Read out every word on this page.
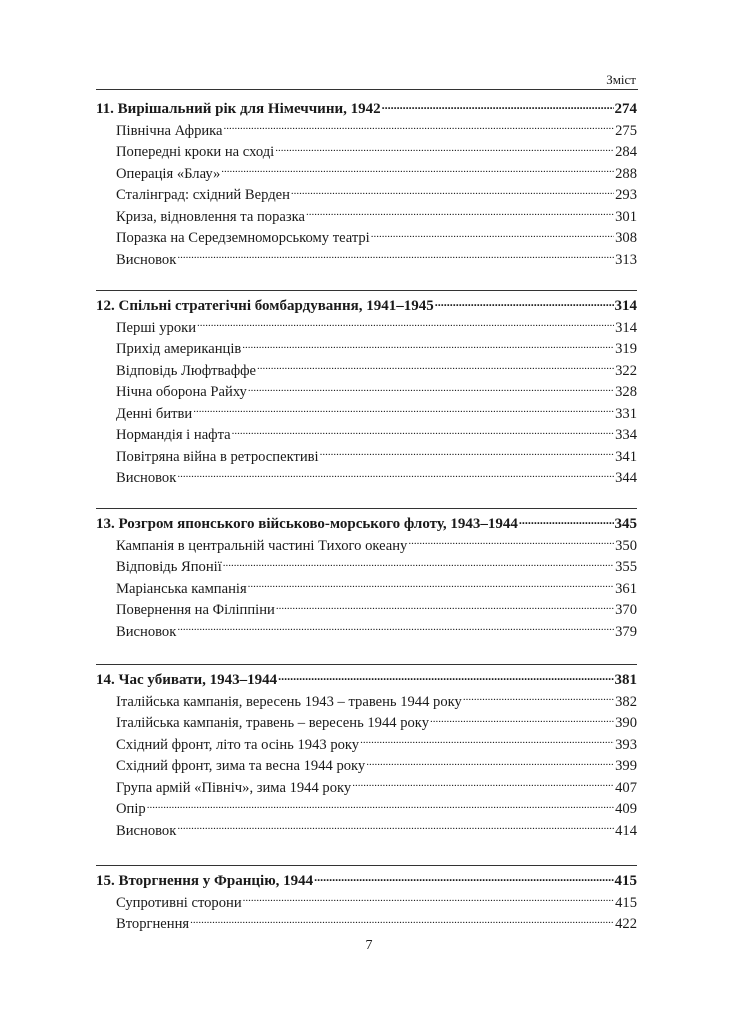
Зміст
11. Вирішальний рік для Німеччини, 1942 .....	274
Північна Африка .....	275
Попередні кроки на сході .....	284
Операція «Блау» .....	288
Сталінград: східний Верден .....	293
Криза, відновлення та поразка .....	301
Поразка на Середземноморському театрі .....	308
Висновок .....	313
12. Спільні стратегічні бомбардування, 1941–1945 .....	314
Перші уроки .....	314
Прихід американців .....	319
Відповідь Люфтваффе .....	322
Нічна оборона Райху .....	328
Денні битви .....	331
Нормандія і нафта .....	334
Повітряна війна в ретроспективі .....	341
Висновок .....	344
13. Розгром японського військово-морського флоту, 1943–1944 .....	345
Кампанія в центральній частині Тихого океану .....	350
Відповідь Японії .....	355
Маріанська кампанія .....	361
Повернення на Філіппіни .....	370
Висновок .....	379
14. Час убивати, 1943–1944 .....	381
Італійська кампанія, вересень 1943 – травень 1944 року .....	382
Італійська кампанія, травень – вересень 1944 року .....	390
Східний фронт, літо та осінь 1943 року .....	393
Східний фронт, зима та весна 1944 року .....	399
Група армій «Північ», зима 1944 року .....	407
Опір .....	409
Висновок .....	414
15. Вторгнення у Францію, 1944 .....	415
Супротивні сторони .....	415
Вторгнення .....	422
7
